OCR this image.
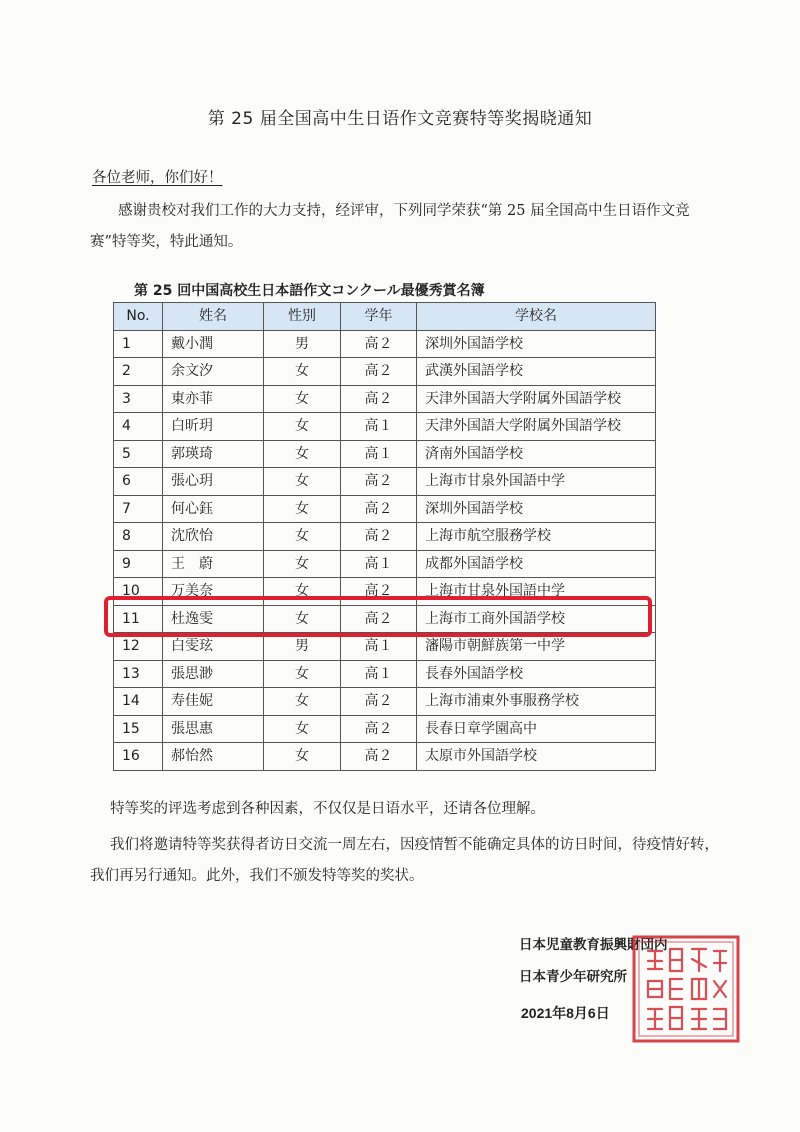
第 25 届全国高中生日语作文竞赛特等奖揭晓通知
各位老师，你们好！
感谢贵校对我们工作的大力支持，经评审，下列同学荣获“第 25 届全国高中生日语作文竞赛”特等奖，特此通知。
第 25 回中国高校生日本語作文コンクール最優秀賞名簿
No.	姓名	性別	学年	学校名
1	戴小潤	男	高２	深圳外国語学校
2	余文汐	女	高２	武漢外国語学校
3	東亦菲	女	高２	天津外国語大学附属外国語学校
4	白昕玥	女	高１	天津外国語大学附属外国語学校
5	郭瑛琦	女	高１	済南外国語学校
6	張心玥	女	高２	上海市甘泉外国語中学
7	何心鈺	女	高２	深圳外国語学校
8	沈欣怡	女	高２	上海市航空服務学校
9	王　蔚	女	高１	成都外国語学校
10	万美奈	女	高２	上海市甘泉外国語中学
11	杜逸雯	女	高２	上海市工商外国語学校
12	白雯玹	男	高１	瀋陽市朝鮮族第一中学
13	張思渺	女	高１	長春外国語学校
14	寿佳妮	女	高２	上海市浦東外事服務学校
15	張思惠	女	高２	長春日章学園高中
16	郝怡然	女	高２	太原市外国語学校
特等奖的评选考虑到各种因素，不仅仅是日语水平，还请各位理解。
我们将邀请特等奖获得者访日交流一周左右，因疫情暂不能确定具体的访日时间，待疫情好转，我们再另行通知。此外，我们不颁发特等奖的奖状。
日本児童教育振興財団内
日本青少年研究所
2021年8月6日
